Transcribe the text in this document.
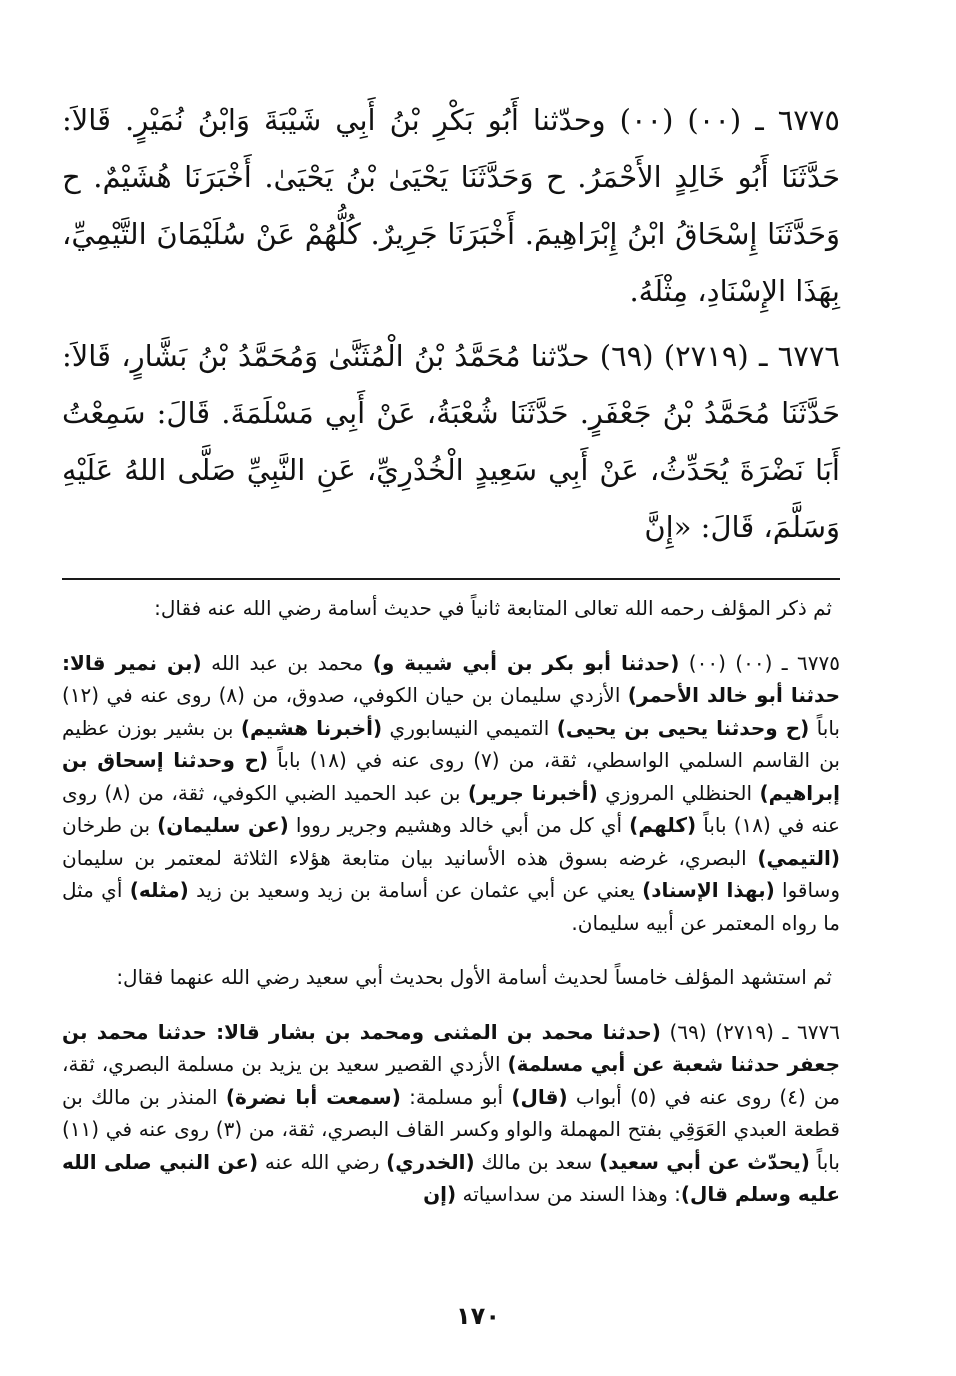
٦٧٧٥ ـ (٠٠) (٠٠) وحدّثنا أَبُو بَكْرِ بْنُ أَبِي شَيْبَةَ وَابْنُ نُمَيْرٍ. قَالاَ: حَدَّثَنَا أَبُو خَالِدٍ الأَحْمَرُ. ح وَحَدَّثَنَا يَحْيَىٰ بْنُ يَحْيَىٰ. أَخْبَرَنَا هُشَيْمٌ. ح وَحَدَّثَنَا إِسْحَاقُ ابْنُ إِبْرَاهِيمَ. أَخْبَرَنَا جَرِيرٌ. كُلُّهُمْ عَنْ سُلَيْمَانَ التَّيْمِيِّ، بِهَذَا الإِسْنَادِ، مِثْلَهُ.

٦٧٧٦ ـ (٢٧١٩) (٦٩) حدّثنا مُحَمَّدُ بْنُ الْمُثَنَّىٰ وَمُحَمَّدُ بْنُ بَشَّارٍ، قَالاَ: حَدَّثَنَا مُحَمَّدُ بْنُ جَعْفَرٍ. حَدَّثَنَا شُعْبَةُ، عَنْ أَبِي مَسْلَمَةَ. قَالَ: سَمِعْتُ أَبَا نَضْرَةَ يُحَدِّثُ، عَنْ أَبِي سَعِيدٍ الْخُدْرِيِّ، عَنِ النَّبِيِّ صَلَّى اللهُ عَلَيْهِ وَسَلَّمَ، قَالَ: «إِنَّ

ثم ذكر المؤلف رحمه الله تعالى المتابعة ثانياً في حديث أسامة رضي الله عنه فقال:

٦٧٧٥ ـ (٠٠) (٠٠) (حدثنا أبو بكر بن أبي شيبة و) محمد بن عبد الله (بن نمير قالا: حدثنا أبو خالد الأحمر) الأزدي سليمان بن حيان الكوفي، صدوق، من (٨) روى عنه في (١٢) باباً (ح وحدثنا يحيى بن يحيى) التميمي النيسابوري (أخبرنا هشيم) بن بشير بوزن عظيم بن القاسم السلمي الواسطي، ثقة، من (٧) روى عنه في (١٨) باباً (ح وحدثنا إسحاق بن إبراهيم) الحنظلي المروزي (أخبرنا جرير) بن عبد الحميد الضبي الكوفي، ثقة، من (٨) روى عنه في (١٨) باباً (كلهم) أي كل من أبي خالد وهشيم وجرير رووا (عن سليمان) بن طرخان (التيمي) البصري، غرضه بسوق هذه الأسانيد بيان متابعة هؤلاء الثلاثة لمعتمر بن سليمان وساقوا (بهذا الإسناد) يعني عن أبي عثمان عن أسامة بن زيد وسعيد بن زيد (مثله) أي مثل ما رواه المعتمر عن أبيه سليمان.

ثم استشهد المؤلف خامساً لحديث أسامة الأول بحديث أبي سعيد رضي الله عنهما فقال:

٦٧٧٦ ـ (٢٧١٩) (٦٩) (حدثنا محمد بن المثنى ومحمد بن بشار قالا: حدثنا محمد بن جعفر حدثنا شعبة عن أبي مسلمة) الأزدي القصير سعيد بن يزيد بن مسلمة البصري، ثقة، من (٤) روى عنه في (٥) أبواب (قال) أبو مسلمة: (سمعت أبا نضرة) المنذر بن مالك بن قطعة العبدي العَوَقِي بفتح المهملة والواو وكسر القاف البصري، ثقة، من (٣) روى عنه في (١١) باباً (يحدّث عن أبي سعيد) سعد بن مالك (الخدري) رضي الله عنه (عن النبي صلى الله عليه وسلم قال): وهذا السند من سداسياته (إن

١٧٠
